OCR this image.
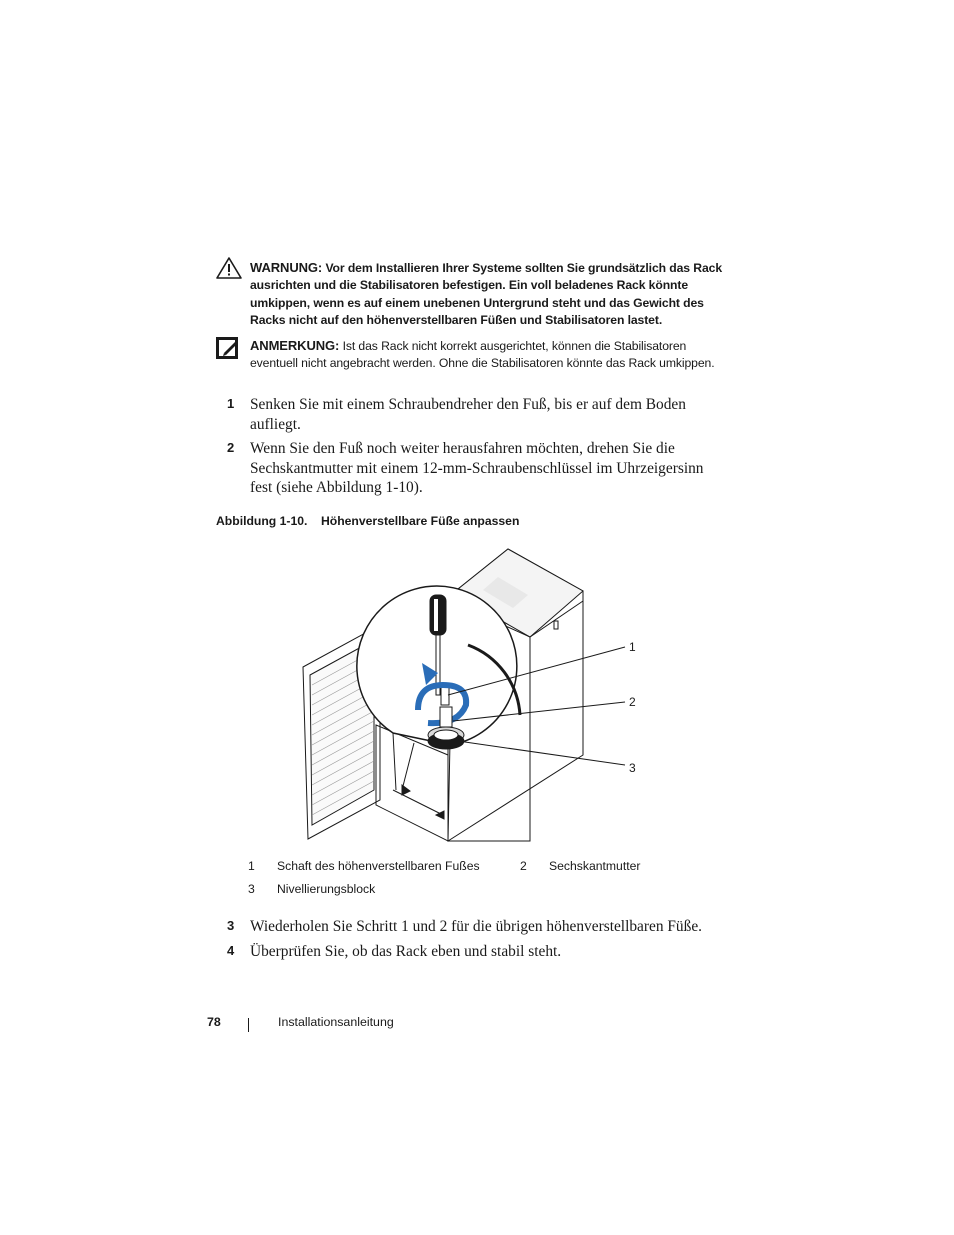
WARNUNG: Vor dem Installieren Ihrer Systeme sollten Sie grundsätzlich das Rack ausrichten und die Stabilisatoren befestigen. Ein voll beladenes Rack könnte umkippen, wenn es auf einem unebenen Untergrund steht und das Gewicht des Racks nicht auf den höhenverstellbaren Füßen und Stabilisatoren lastet.
ANMERKUNG: Ist das Rack nicht korrekt ausgerichtet, können die Stabilisatoren eventuell nicht angebracht werden. Ohne die Stabilisatoren könnte das Rack umkippen.
1 Senken Sie mit einem Schraubendreher den Fuß, bis er auf dem Boden aufliegt.
2 Wenn Sie den Fuß noch weiter herausfahren möchten, drehen Sie die Sechskantmutter mit einem 12-mm-Schraubenschlüssel im Uhrzeigersinn fest (siehe Abbildung 1-10).
Abbildung 1-10.    Höhenverstellbare Füße anpassen
1
2
3
1 Schaft des höhenverstellbaren Fußes	2 Sechskantmutter
3 Nivellierungsblock
3 Wiederholen Sie Schritt 1 und 2 für die übrigen höhenverstellbaren Füße.
4 Überprüfen Sie, ob das Rack eben und stabil steht.
78	Installationsanleitung
